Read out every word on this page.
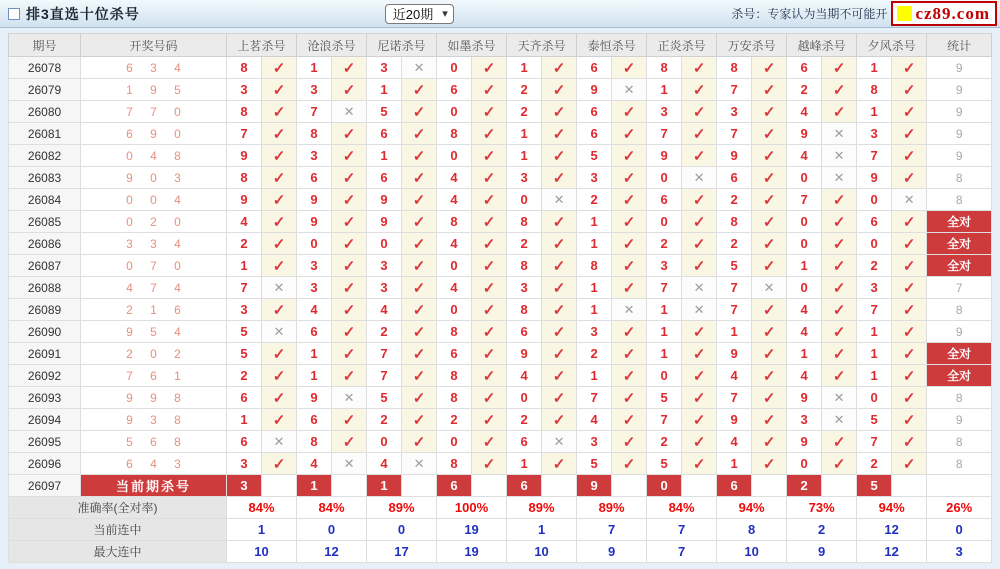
排3直选十位杀号	近20期 ▾	杀号：专家认为当期不可能开 cz89.com
期号	开奖号码	上茗杀号		沧浪杀号		尼诺杀号		如墨杀号		天齐杀号		泰恒杀号		正炎杀号		万安杀号		越峰杀号		夕风杀号		统计
26078	6 3 4	8	✓	1	✓	3	✕	0	✓	1	✓	6	✓	8	✓	8	✓	6	✓	1	✓	9
26079	1 9 5	3	✓	3	✓	1	✓	6	✓	2	✓	9	✕	1	✓	7	✓	2	✓	8	✓	9
26080	7 7 0	8	✓	7	✕	5	✓	0	✓	2	✓	6	✓	3	✓	3	✓	4	✓	1	✓	9
26081	6 9 0	7	✓	8	✓	6	✓	8	✓	1	✓	6	✓	7	✓	7	✓	9	✕	3	✓	9
26082	0 4 8	9	✓	3	✓	1	✓	0	✓	1	✓	5	✓	9	✓	9	✓	4	✕	7	✓	9
26083	9 0 3	8	✓	6	✓	6	✓	4	✓	3	✓	3	✓	0	✕	6	✓	0	✕	9	✓	8
26084	0 0 4	9	✓	9	✓	9	✓	4	✓	0	✕	2	✓	6	✓	2	✓	7	✓	0	✕	8
26085	0 2 0	4	✓	9	✓	9	✓	8	✓	8	✓	1	✓	0	✓	8	✓	0	✓	6	✓	全对
26086	3 3 4	2	✓	0	✓	0	✓	4	✓	2	✓	1	✓	2	✓	2	✓	0	✓	0	✓	全对
26087	0 7 0	1	✓	3	✓	3	✓	0	✓	8	✓	8	✓	3	✓	5	✓	1	✓	2	✓	全对
26088	4 7 4	7	✕	3	✓	3	✓	4	✓	3	✓	1	✓	7	✕	7	✕	0	✓	3	✓	7
26089	2 1 6	3	✓	4	✓	4	✓	0	✓	8	✓	1	✕	1	✕	7	✓	4	✓	7	✓	8
26090	9 5 4	5	✕	6	✓	2	✓	8	✓	6	✓	3	✓	1	✓	1	✓	4	✓	1	✓	9
26091	2 0 2	5	✓	1	✓	7	✓	6	✓	9	✓	2	✓	1	✓	9	✓	1	✓	1	✓	全对
26092	7 6 1	2	✓	1	✓	7	✓	8	✓	4	✓	1	✓	0	✓	4	✓	4	✓	1	✓	全对
26093	9 9 8	6	✓	9	✕	5	✓	8	✓	0	✓	7	✓	5	✓	7	✓	9	✕	0	✓	8
26094	9 3 8	1	✓	6	✓	2	✓	2	✓	2	✓	4	✓	7	✓	9	✓	3	✕	5	✓	9
26095	5 6 8	6	✕	8	✓	0	✓	0	✓	6	✕	3	✓	2	✓	4	✓	9	✓	7	✓	8
26096	6 4 3	3	✓	4	✕	4	✕	8	✓	1	✓	5	✓	5	✓	1	✓	0	✓	2	✓	8
26097	当前期杀号	3		1		1		6		6		9		0		6		2		5		
准确率(全对率)		84%		84%		89%		100%		89%		89%		84%		94%		73%		94%		26%
当前连中		1		0		0		19		1		7		7		8		2		12		0
最大连中		10		12		17		19		10		9		7		10		9		12		3
